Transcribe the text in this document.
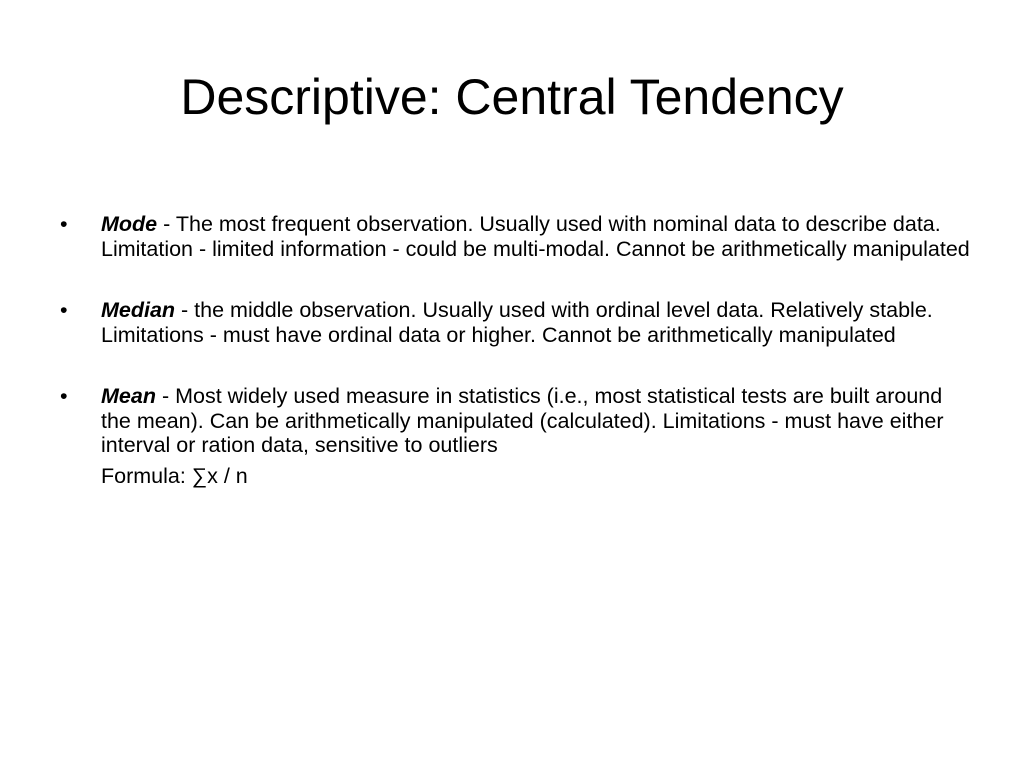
Descriptive: Central Tendency
•	Mode - The most frequent observation. Usually used with nominal data to describe data. Limitation - limited information - could be multi-modal. Cannot be arithmetically manipulated
•	Median - the middle observation. Usually used with ordinal level data. Relatively stable. Limitations - must have ordinal data or higher. Cannot be arithmetically manipulated
•	Mean - Most widely used measure in statistics (i.e., most statistical tests are built around the mean). Can be arithmetically manipulated (calculated). Limitations - must have either interval or ration data, sensitive to outliers
Formula: ∑x / n
